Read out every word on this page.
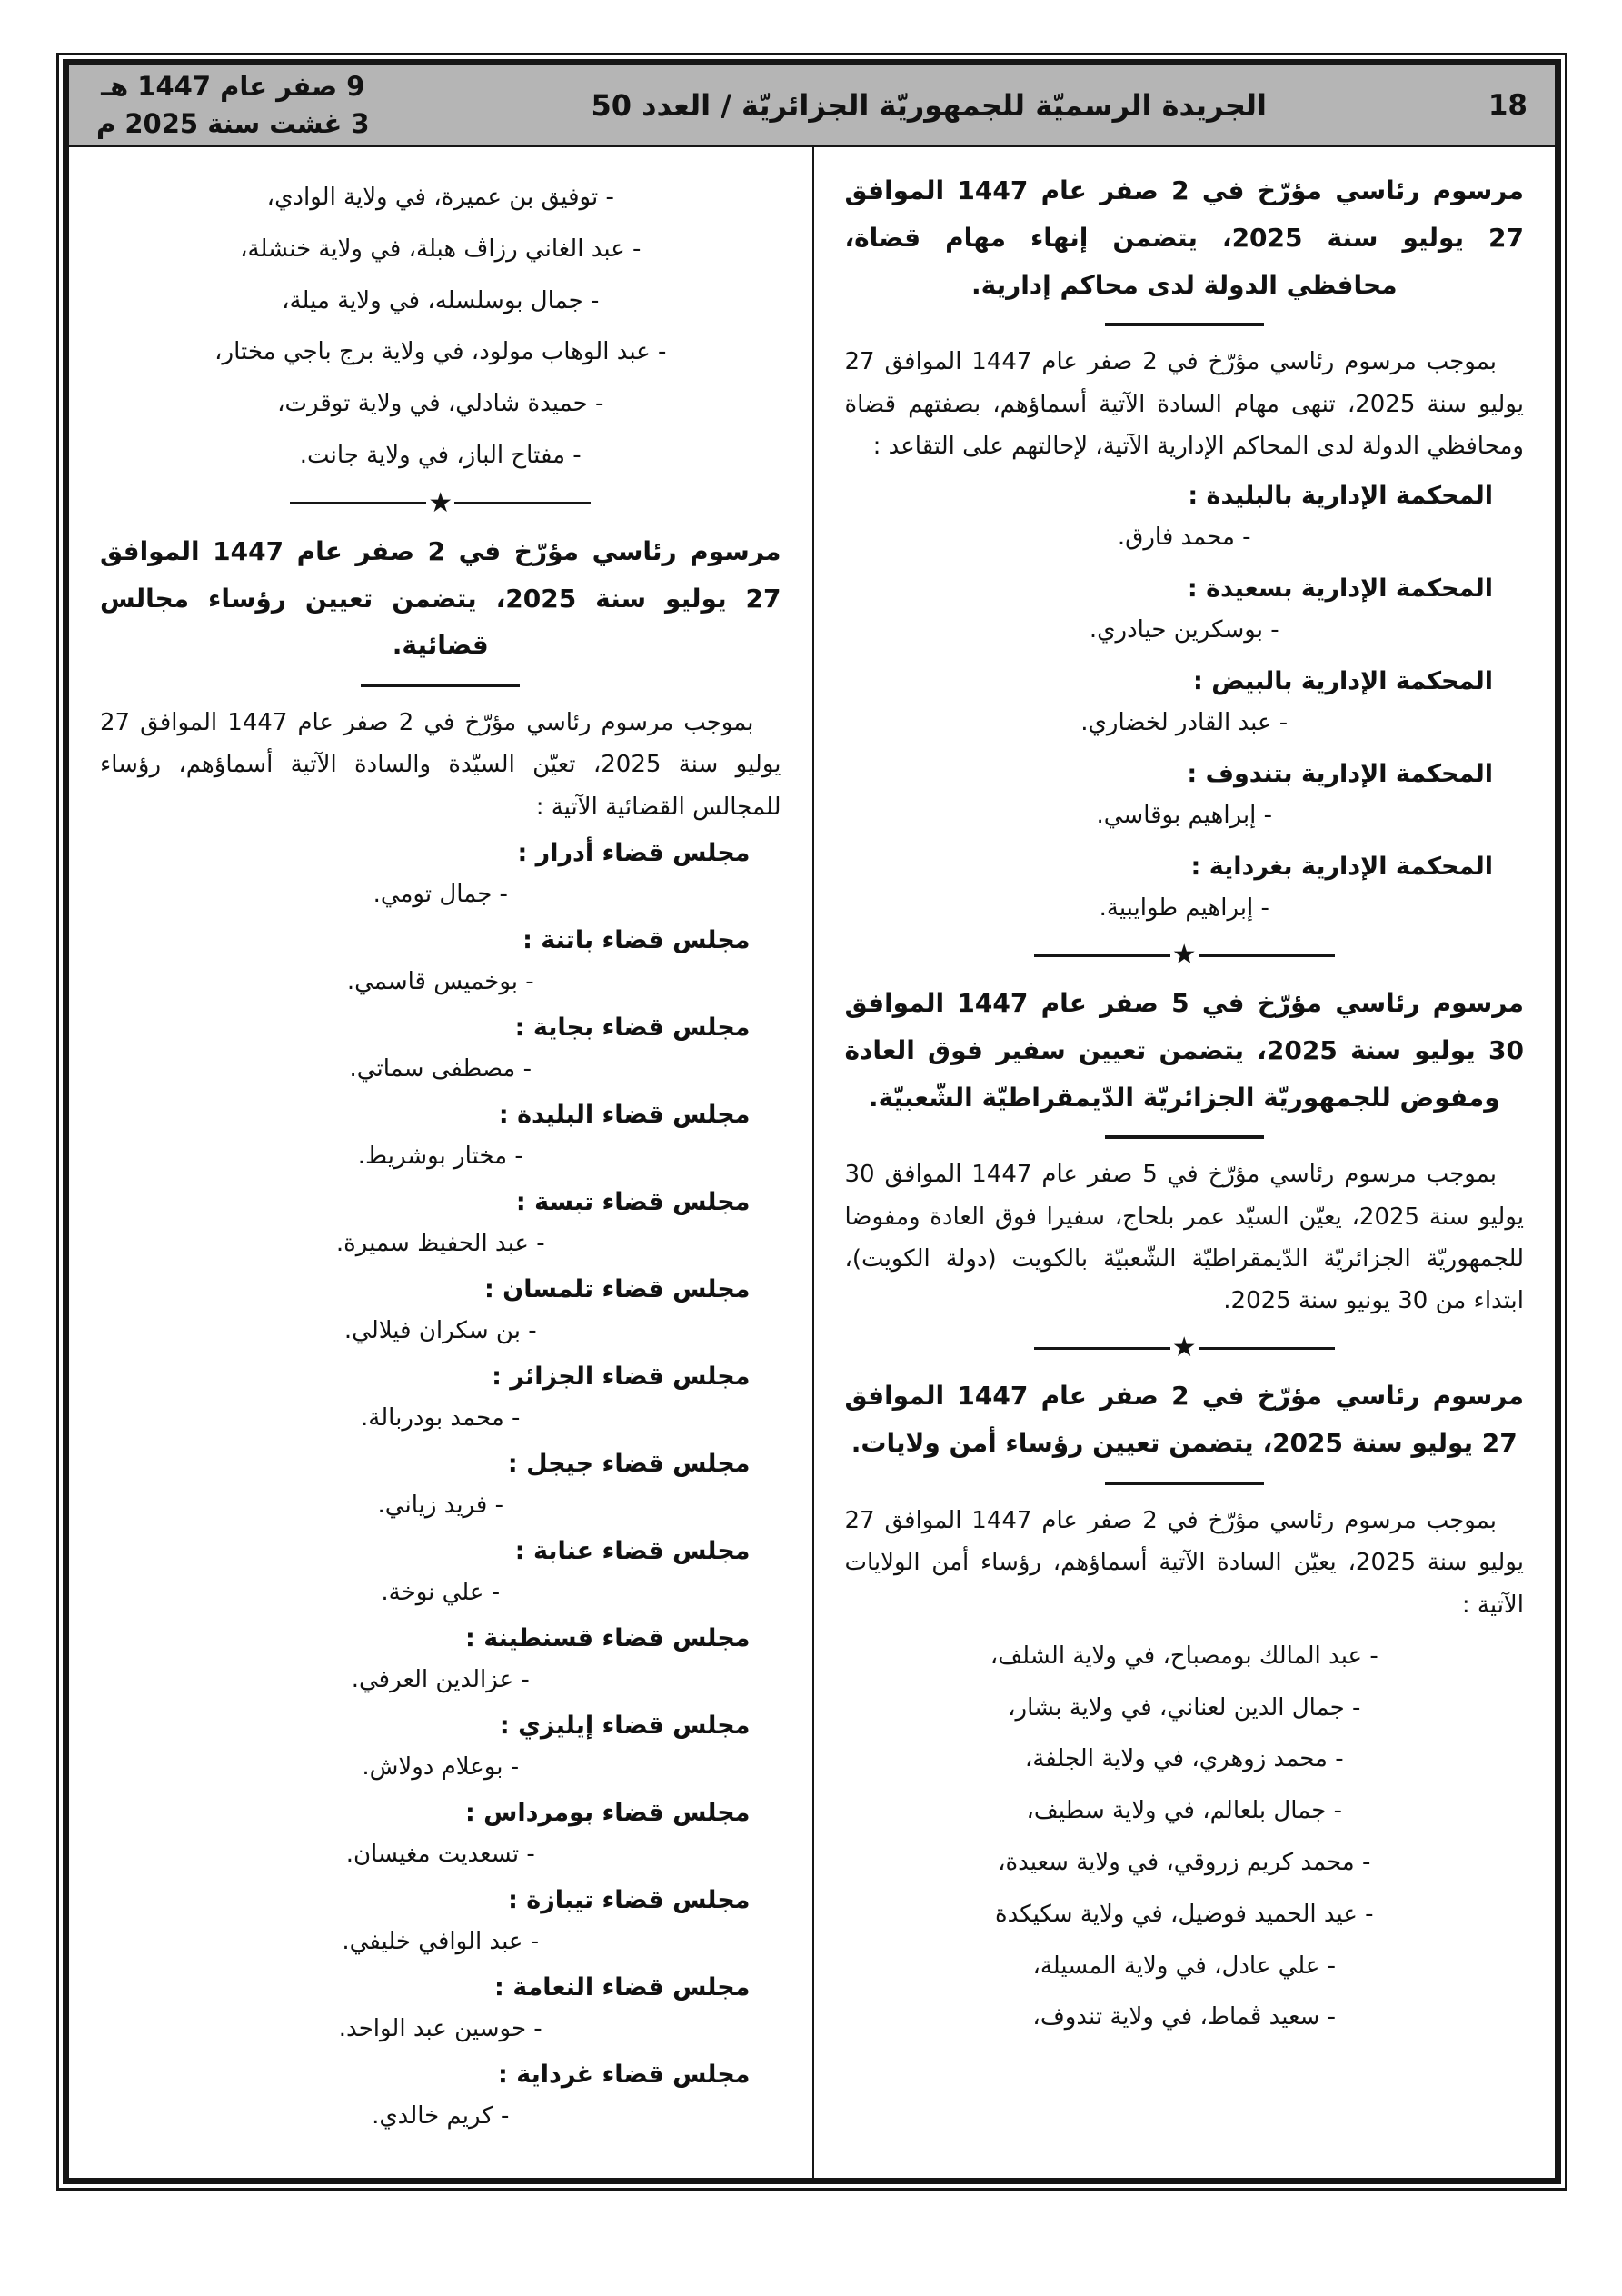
18
الجريدة الرسميّة للجمهوريّة الجزائريّة / العدد 50
9 صفر عام 1447 هـ
3 غشت سنة 2025 م
مرسوم رئاسي مؤرّخ في 2 صفر عام 1447 الموافق 27 يوليو سنة 2025، يتضمن إنهاء مهام قضاة، محافظي الدولة لدى محاكم إدارية.

بموجب مرسوم رئاسي مؤرّخ في 2 صفر عام 1447 الموافق 27 يوليو سنة 2025، تنهى مهام السادة الآتية أسماؤهم، بصفتهم قضاة ومحافظي الدولة لدى المحاكم الإدارية الآتية، لإحالتهم على التقاعد :

المحكمة الإدارية بالبليدة :
- محمد فارق.
المحكمة الإدارية بسعيدة :
- بوسكرين حيادري.
المحكمة الإدارية بالبيض :
- عبد القادر لخضاري.
المحكمة الإدارية بتندوف :
- إبراهيم بوقاسي.
المحكمة الإدارية بغرداية :
- إبراهيم طوايبية.
★
مرسوم رئاسي مؤرّخ في 5 صفر عام 1447 الموافق 30 يوليو سنة 2025، يتضمن تعيين سفير فوق العادة ومفوض للجمهوريّة الجزائريّة الدّيمقراطيّة الشّعبيّة.

بموجب مرسوم رئاسي مؤرّخ في 5 صفر عام 1447 الموافق 30 يوليو سنة 2025، يعيّن السيّد عمر بلحاج، سفيرا فوق العادة ومفوضا للجمهوريّة الجزائريّة الدّيمقراطيّة الشّعبيّة بالكويت (دولة الكويت)، ابتداء من 30 يونيو سنة 2025.

★
مرسوم رئاسي مؤرّخ في 2 صفر عام 1447 الموافق 27 يوليو سنة 2025، يتضمن تعيين رؤساء أمن ولايات.

بموجب مرسوم رئاسي مؤرّخ في 2 صفر عام 1447 الموافق 27 يوليو سنة 2025، يعيّن السادة الآتية أسماؤهم، رؤساء أمن الولايات الآتية :

- عبد المالك بومصباح، في ولاية الشلف،
- جمال الدين لعناني، في ولاية بشار،
- محمد زوهري، في ولاية الجلفة،
- جمال بلعالم، في ولاية سطيف،
- محمد كريم زروقي، في ولاية سعيدة،
- عيد الحميد فوضيل، في ولاية سكيكدة
- علي عادل، في ولاية المسيلة،
- سعيد ڤماط، في ولاية تندوف،
- توفيق بن عميرة، في ولاية الوادي،
- عبد الغاني رزاڤ هبلة، في ولاية خنشلة،
- جمال بوسلسله، في ولاية ميلة،
- عبد الوهاب مولود، في ولاية برج باجي مختار،
- حميدة شادلي، في ولاية توقرت،
- مفتاح الباز، في ولاية جانت.
★
مرسوم رئاسي مؤرّخ في 2 صفر عام 1447 الموافق 27 يوليو سنة 2025، يتضمن تعيين رؤساء مجالس قضائية.

بموجب مرسوم رئاسي مؤرّخ في 2 صفر عام 1447 الموافق 27 يوليو سنة 2025، تعيّن السيّدة والسادة الآتية أسماؤهم، رؤساء للمجالس القضائية الآتية :

مجلس قضاء أدرار :
- جمال تومي.
مجلس قضاء باتنة :
- بوخميس قاسمي.
مجلس قضاء بجاية :
- مصطفى سماتي.
مجلس قضاء البليدة :
- مختار بوشريط.
مجلس قضاء تبسة :
- عبد الحفيظ سميرة.
مجلس قضاء تلمسان :
- بن سكران فيلالي.
مجلس قضاء الجزائر :
- محمد بودربالة.
مجلس قضاء جيجل :
- فريد زياني.
مجلس قضاء عنابة :
- علي نوخة.
مجلس قضاء قسنطينة :
- عزالدين العرفي.
مجلس قضاء إيليزي :
- بوعلام دولاش.
مجلس قضاء بومرداس :
- تسعديت مغيسان.
مجلس قضاء تيبازة :
- عبد الوافي خليفي.
مجلس قضاء النعامة :
- حوسين عبد الواحد.
مجلس قضاء غرداية :
- كريم خالدي.
